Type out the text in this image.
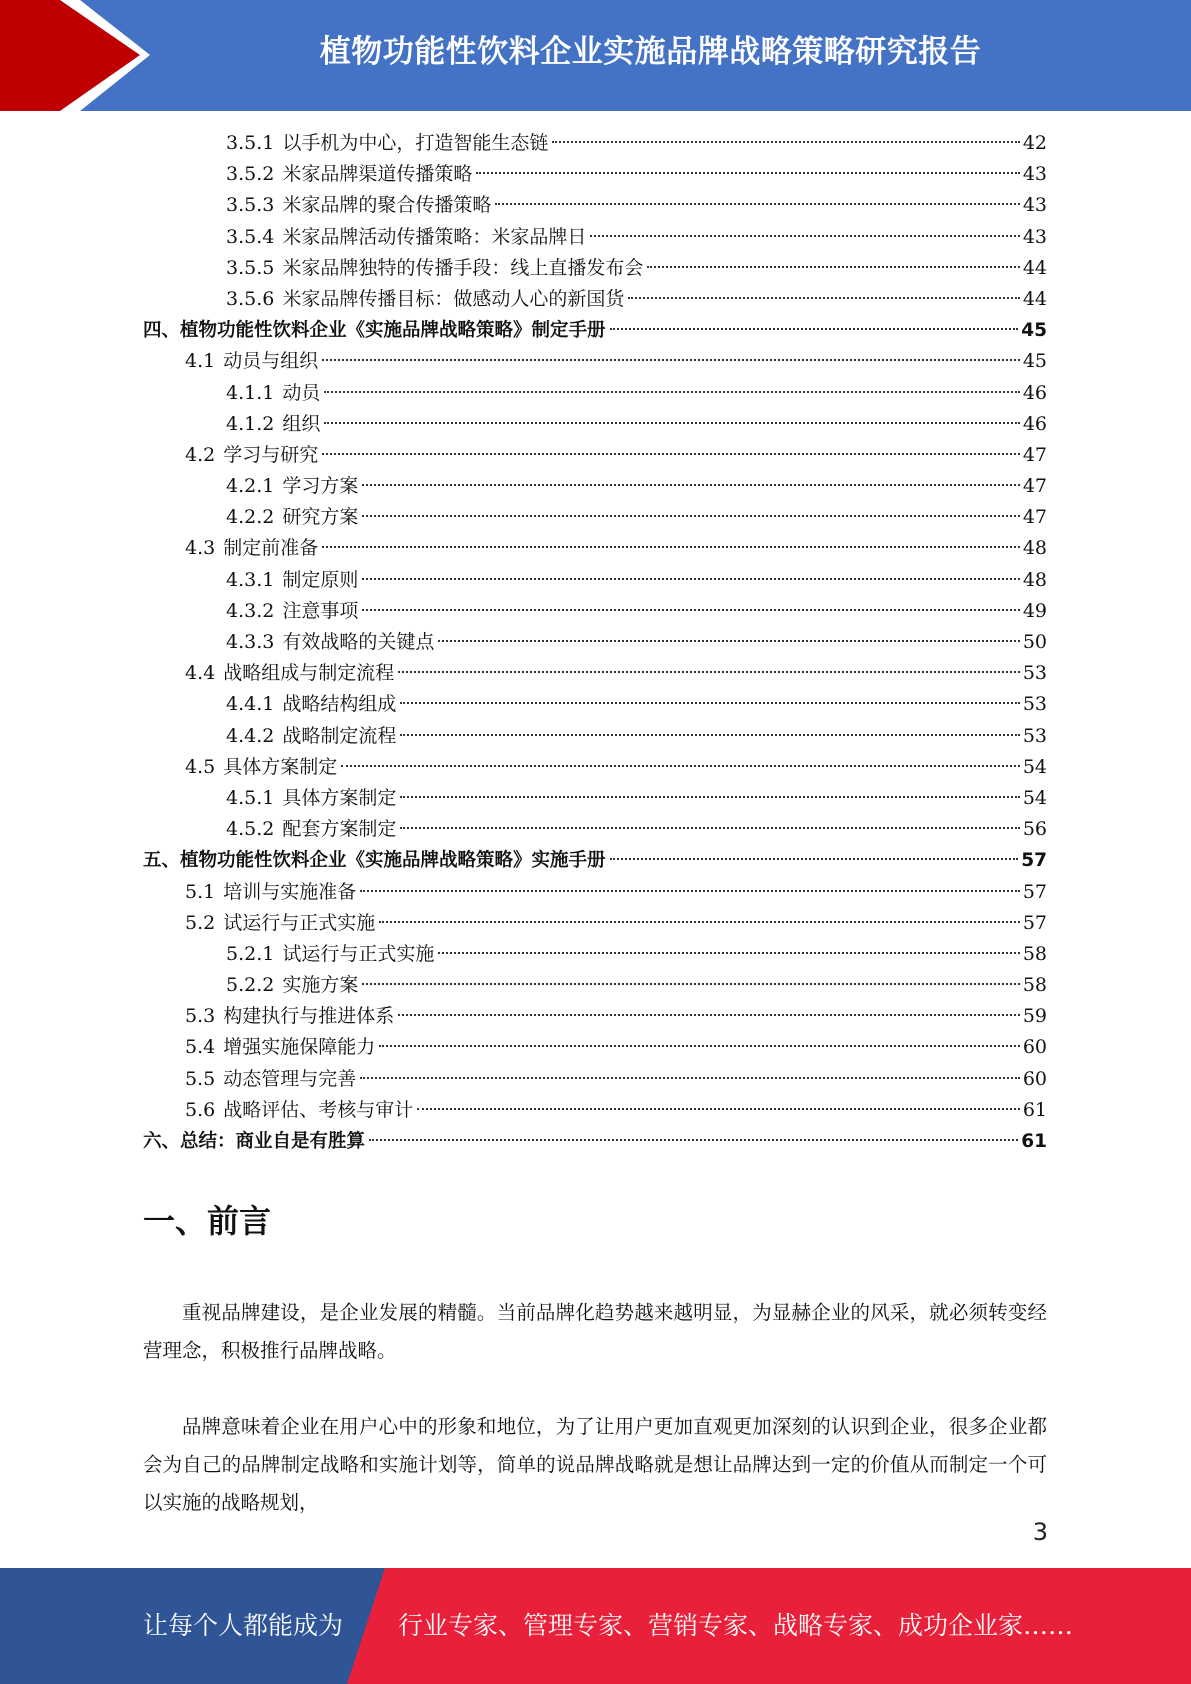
植物功能性饮料企业实施品牌战略策略研究报告
3.5.1 以手机为中心，打造智能生态链	42
3.5.2 米家品牌渠道传播策略	43
3.5.3 米家品牌的聚合传播策略	43
3.5.4 米家品牌活动传播策略：米家品牌日	43
3.5.5 米家品牌独特的传播手段：线上直播发布会	44
3.5.6 米家品牌传播目标：做感动人心的新国货	44
四、植物功能性饮料企业《实施品牌战略策略》制定手册	45
4.1 动员与组织	45
4.1.1 动员	46
4.1.2 组织	46
4.2 学习与研究	47
4.2.1 学习方案	47
4.2.2 研究方案	47
4.3 制定前准备	48
4.3.1 制定原则	48
4.3.2 注意事项	49
4.3.3 有效战略的关键点	50
4.4 战略组成与制定流程	53
4.4.1 战略结构组成	53
4.4.2 战略制定流程	53
4.5 具体方案制定	54
4.5.1 具体方案制定	54
4.5.2 配套方案制定	56
五、植物功能性饮料企业《实施品牌战略策略》实施手册	57
5.1 培训与实施准备	57
5.2 试运行与正式实施	57
5.2.1 试运行与正式实施	58
5.2.2 实施方案	58
5.3 构建执行与推进体系	59
5.4 增强实施保障能力	60
5.5 动态管理与完善	60
5.6 战略评估、考核与审计	61
六、总结：商业自是有胜算	61
一、前言

重视品牌建设，是企业发展的精髓。当前品牌化趋势越来越明显，为显赫企业的风采，就必须转变经营理念，积极推行品牌战略。

品牌意味着企业在用户心中的形象和地位，为了让用户更加直观更加深刻的认识到企业，很多企业都会为自己的品牌制定战略和实施计划等，简单的说品牌战略就是想让品牌达到一定的价值从而制定一个可以实施的战略规划，

3
让每个人都能成为 行业专家、管理专家、营销专家、战略专家、成功企业家……
